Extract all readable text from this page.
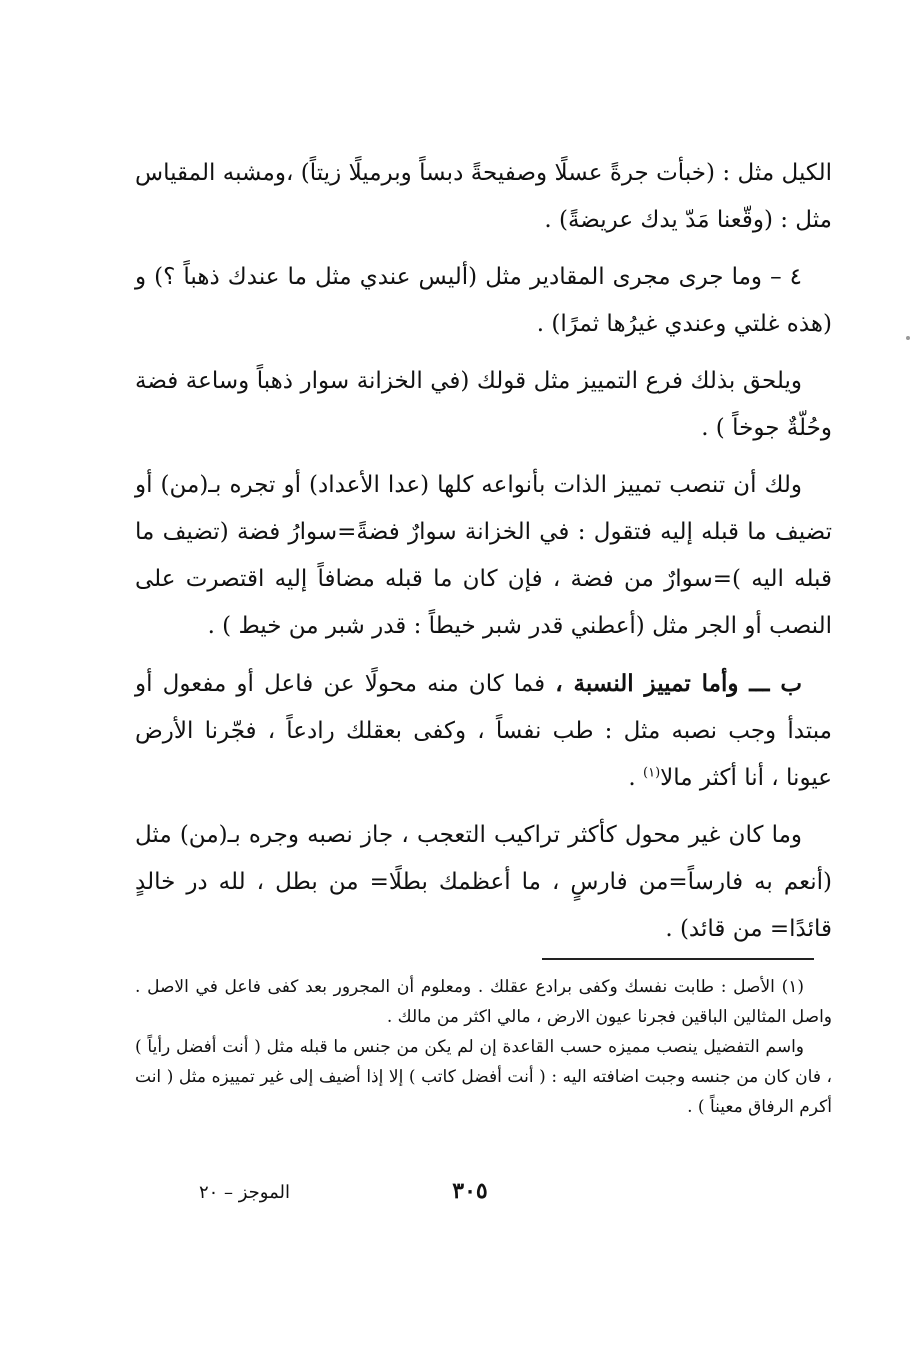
الكيل مثل : (خبأت جرةً عسلًا وصفيحةً دبساً وبرميلًا زيتاً) ،ومشبه المقياس مثل : (وقّعنا مَدّ يدك عريضةً) .

٤ – وما جرى مجرى المقادير مثل (أليس عندي مثل ما عندك ذهباً ؟) و (هذه غلتي وعندي غيرُها ثمرًا) .

ويلحق بذلك فرع التمييز مثل قولك (في الخزانة سوار ذهباً وساعة فضة وحُلّةٌ جوخاً ) .

ولك أن تنصب تمييز الذات بأنواعه كلها (عدا الأعداد) أو تجره بـ(من) أو تضيف ما قبله إليه فتقول : في الخزانة سوارٌ فضةً=سوارُ فضة (تضيف ما قبله اليه )=سوارٌ من فضة ، فإن كان ما قبله مضافاً إليه اقتصرت على النصب أو الجر مثل (أعطني قدر شبر خيطاً : قدر شبر من خيط ) .

ب ـــ وأما تمييز النسبة ، فما كان منه محولًا عن فاعل أو مفعول أو مبتدأ وجب نصبه مثل : طب نفساً ، وكفى بعقلك رادعاً ، فجّرنا الأرض عيونا ، أنا أكثر مالا$^{(١)}$ .

وما كان غير محول كأكثر تراكيب التعجب ، جاز نصبه وجره بـ(من) مثل (أنعم به فارساً=من فارسٍ ، ما أعظمك بطلًا= من بطل ، لله در خالدٍ قائدًا= من قائد) .

(١) الأصل : طابت نفسك وكفى برادع عقلك . ومعلوم أن المجرور بعد كفى فاعل في الاصل . واصل المثالين الباقين فجرنا عيون الارض ، مالي اكثر من مالك .

واسم التفضيل ينصب مميزه حسب القاعدة إن لم يكن من جنس ما قبله مثل ( أنت أفضل رأياً ) ، فان كان من جنسه وجبت اضافته اليه : ( أنت أفضل كاتب ) إلا إذا أضيف إلى غير تمييزه مثل ( انت أكرم الرفاق معيناً ) .

٣٠٥
الموجز – ٢٠
